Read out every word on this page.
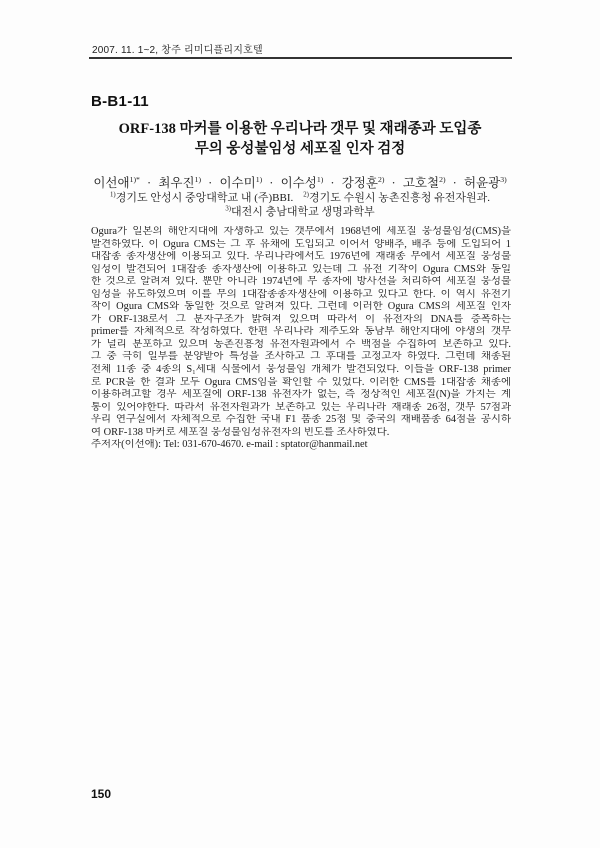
2007. 11. 1~2, 창주 리미디플리지호텔
B-B1-11
ORF-138 마커를 이용한 우리나라 갯무 및 재래종과 도입종
무의 웅성불임성 세포질 인자 검정
이선애$^{1)*}$ · 최우진$^{1)}$ · 이수미$^{1)}$ · 이수성$^{1)}$ · 강정훈$^{2)}$ · 고호철$^{2)}$ · 허윤광$^{3)}$
$^{1)}$경기도 안성시 중앙대학교 내 (주)BBI. $^{2)}$경기도 수원시 농촌진흥청 유전자원과.
$^{3)}$대전시 충남대학교 생명과학부
Ogura가 일본의 해안지대에 자생하고 있는 갯무에서 1968년에 세포질 웅성불임성(CMS)을
발견하였다. 이 Ogura CMS는 그 후 유채에 도입되고 이어서 양배추, 배추 등에 도입되어 1
대잡종 종자생산에 이용되고 있다. 우리나라에서도 1976년에 재래종 무에서 세포질 웅성불
임성이 발견되어 1대잡종 종자생산에 이용하고 있는데 그 유전 기작이 Ogura CMS와 동일
한 것으로 알려져 있다. 뿐만 아니라 1974년에 무 종자에 방사선을 처리하여 세포질 웅성불
임성을 유도하였으며 이를 무의 1대잡종종자생산에 이용하고 있다고 한다. 이 역시 유전기
작이 Ogura CMS와 동일한 것으로 알려져 있다. 그런데 이러한 Ogura CMS의 세포질 인자
가 ORF-138로서 그 분자구조가 밝혀져 있으며 따라서 이 유전자의 DNA를 증폭하는
primer를 자체적으로 작성하였다. 한편 우리나라 제주도와 동남부 해안지대에 야생의 갯무
가 널리 분포하고 있으며 농촌진흥청 유전자원과에서 수 백점을 수집하여 보존하고 있다.
그 중 극히 일부를 분양받아 특성을 조사하고 그 후대를 고정고자 하였다. 그런데 채종된
전체 11종 중 4종의 S₁세대 식물에서 웅성불임 개체가 발견되었다. 이들을 ORF-138 primer
로 PCR을 한 결과 모두 Ogura CMS임을 확인할 수 있었다. 이러한 CMS를 1대잡종 채종에
이용하려고할 경우 세포질에 ORF-138 유전자가 없는, 즉 정상적인 세포질(N)을 가지는 계
통이 있어야한다. 따라서 유전자원과가 보존하고 있는 우리나라 재래종 26점, 갯무 57점과
우리 연구실에서 자체적으로 수집한 국내 F1 품종 25점 및 중국의 재배품종 64점을 공시하
여 ORF-138 마커로 세포질 웅성불임성유전자의 빈도를 조사하였다.
주저자(이선애): Tel: 031-670-4670. e-mail : sptator@hanmail.net
150
